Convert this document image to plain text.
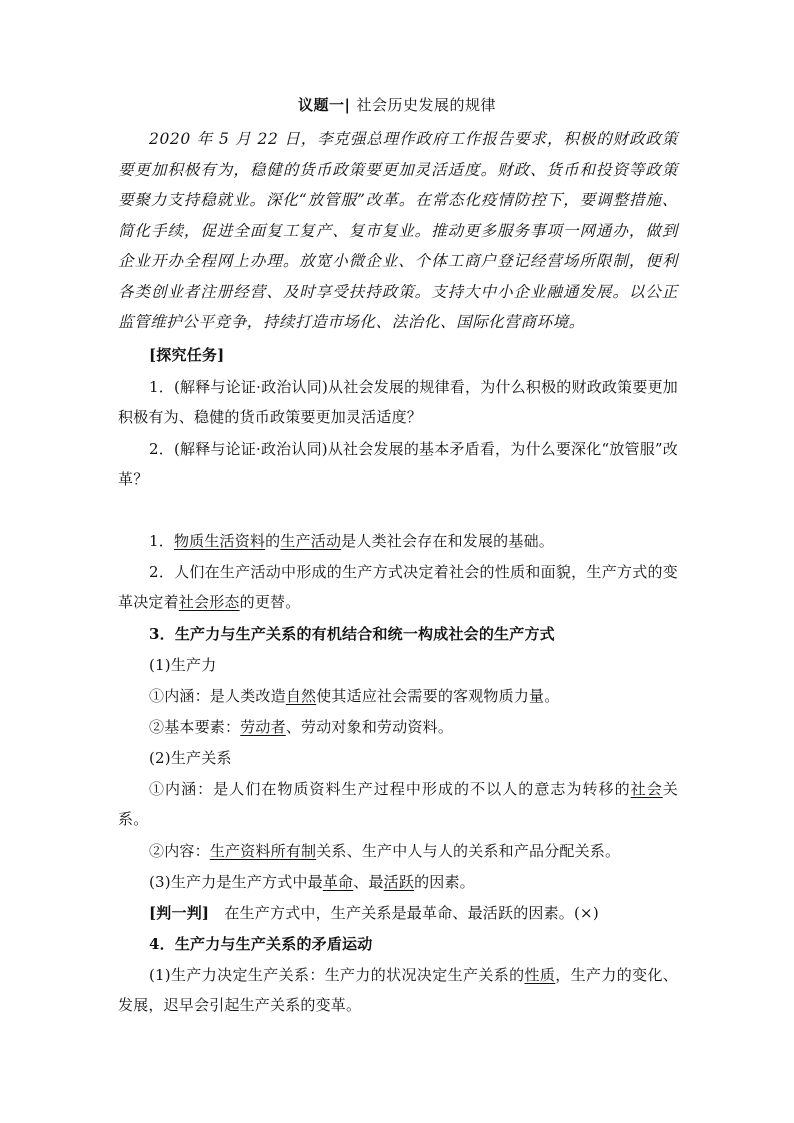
议题一| 社会历史发展的规律
2020 年 5 月 22 日，李克强总理作政府工作报告要求，积极的财政政策要更加积极有为，稳健的货币政策要更加灵活适度。财政、货币和投资等政策要聚力支持稳就业。深化“放管服”改革。在常态化疫情防控下，要调整措施、简化手续，促进全面复工复产、复市复业。推动更多服务事项一网通办，做到企业开办全程网上办理。放宽小微企业、个体工商户登记经营场所限制，便利各类创业者注册经营、及时享受扶持政策。支持大中小企业融通发展。以公正监管维护公平竞争，持续打造市场化、法治化、国际化营商环境。
[探究任务]
1．(解释与论证·政治认同)从社会发展的规律看，为什么积极的财政政策要更加积极有为、稳健的货币政策要更加灵活适度？
2．(解释与论证·政治认同)从社会发展的基本矛盾看，为什么要深化“放管服”改革？
1．物质生活资料的生产活动是人类社会存在和发展的基础。
2．人们在生产活动中形成的生产方式决定着社会的性质和面貌，生产方式的变革决定着社会形态的更替。
3．生产力与生产关系的有机结合和统一构成社会的生产方式
(1)生产力
①内涵：是人类改造自然使其适应社会需要的客观物质力量。
②基本要素：劳动者、劳动对象和劳动资料。
(2)生产关系
①内涵：是人们在物质资料生产过程中形成的不以人的意志为转移的社会关系。
②内容：生产资料所有制关系、生产中人与人的关系和产品分配关系。
(3)生产力是生产方式中最革命、最活跃的因素。
[判一判]　在生产方式中，生产关系是最革命、最活跃的因素。(×)
4．生产力与生产关系的矛盾运动
(1)生产力决定生产关系：生产力的状况决定生产关系的性质，生产力的变化、发展，迟早会引起生产关系的变革。
